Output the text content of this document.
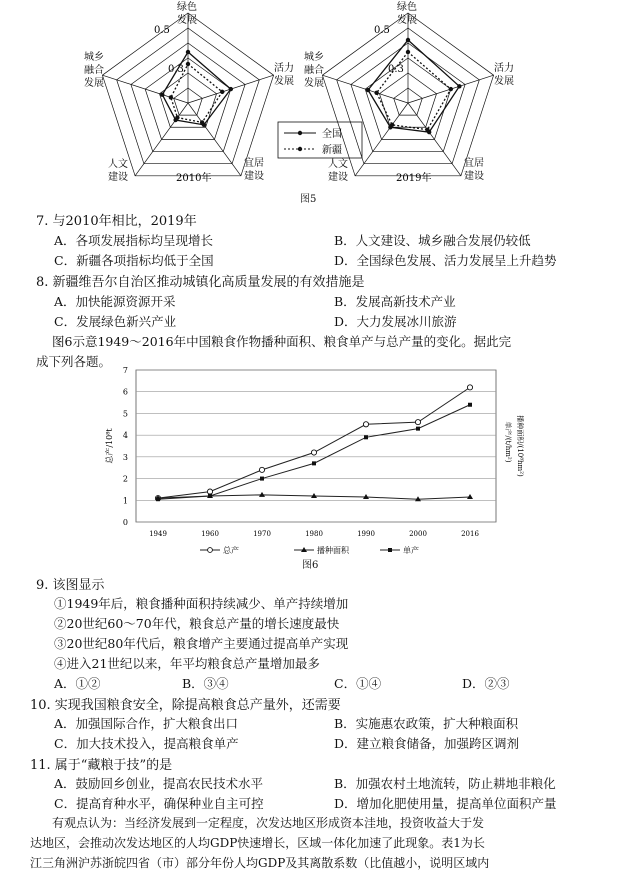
0.5
0.3
绿色
发展
活力
发展
宜居
建设
人文
建设
城乡
融合
发展
2010年
0.5
0.3
绿色
发展
活力
发展
宜居
建设
人文
建设
城乡
融合
发展
2019年
全国
新疆
图5
7. 与2010年相比，2019年
A．各项发展指标均呈现增长	B．人文建设、城乡融合发展仍较低
C．新疆各项指标均低于全国	D．全国绿色发展、活力发展呈上升趋势
8. 新疆维吾尔自治区推动城镇化高质量发展的有效措施是
A．加快能源资源开采	B．发展高新技术产业
C．发展绿色新兴产业	D．大力发展冰川旅游
图6示意1949～2016年中国粮食作物播种面积、粮食单产与总产量的变化。据此完
成下列各题。
0
1
2
3
4
5
6
7
1949	1960	1970	1980	1990	2000	2016
总产/10⁸t	单产/(t/hm²) 播种面积/(10⁸hm²)
总产	播种面积	单产
图6
9. 该图显示
①1949年后，粮食播种面积持续减少、单产持续增加
②20世纪60～70年代，粮食总产量的增长速度最快
③20世纪80年代后，粮食增产主要通过提高单产实现
④进入21世纪以来，年平均粮食总产量增加最多
A．①②	B．③④	C．①④	D．②③
10. 实现我国粮食安全，除提高粮食总产量外，还需要
A．加强国际合作，扩大粮食出口	B．实施惠农政策，扩大种粮面积
C．加大技术投入，提高粮食单产	D．建立粮食储备，加强跨区调剂
11. 属于“藏粮于技”的是
A．鼓励回乡创业，提高农民技术水平	B．加强农村土地流转，防止耕地非粮化
C．提高育种水平，确保种业自主可控	D．增加化肥使用量，提高单位面积产量
有观点认为：当经济发展到一定程度，次发达地区形成资本洼地，投资收益大于发
达地区，会推动次发达地区的人均GDP快速增长，区域一体化加速了此现象。表1为长
江三角洲沪苏浙皖四省（市）部分年份人均GDP及其离散系数（比值越小，说明区域内
